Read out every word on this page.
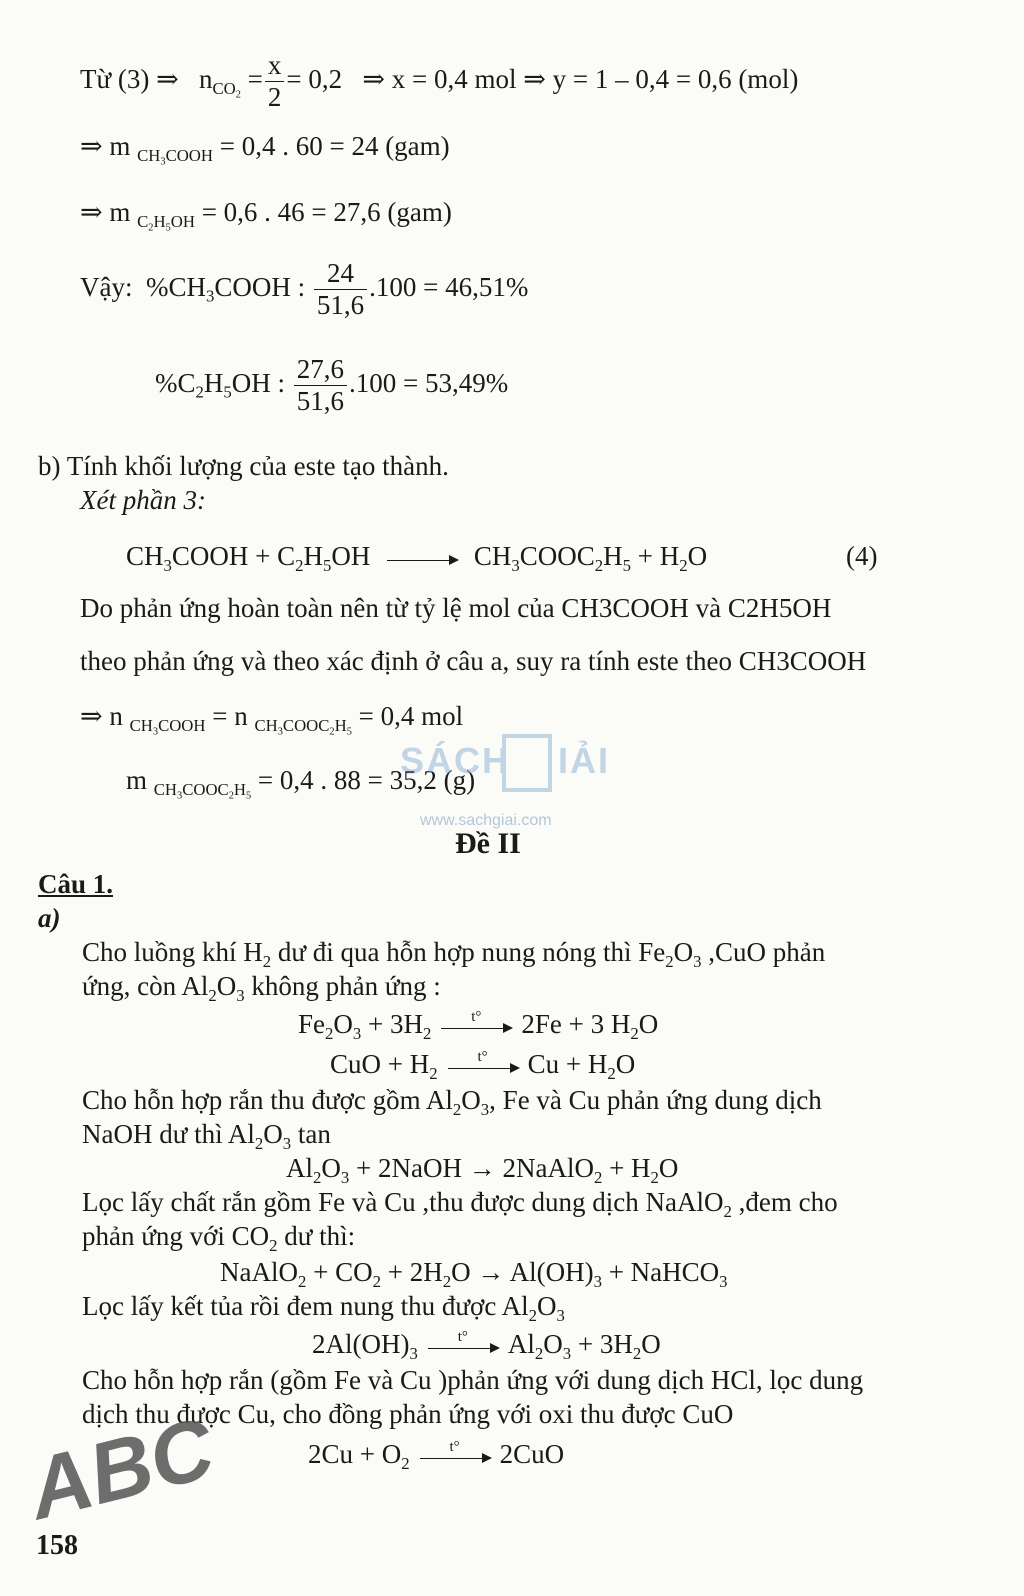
Từ (3) ⇒   $n_{CO_2} = \frac{x}{2} = 0,2$ ⇒ x = 0,4 mol ⇒ y = 1 – 0,4 = 0,6 (mol)
⇒ m $_{CH_3COOH}$ = 0,4 . 60 = 24 (gam)
⇒ m $_{C_2H_5OH}$ = 0,6 . 46 = 27,6 (gam)
Vậy:  $\%CH_3COOH$ : $\frac{24}{51,6} .100 = 46,51\%$
$\%C_2H_5OH$ : $\frac{27,6}{51,6} .100 = 53,49\%$
b) Tính khối lượng của este tạo thành.
Xét phần 3:
$CH_3COOH + C_2H_5OH$	$CH_3COOC_2H_5 + H_2O$	(4)
Do phản ứng hoàn toàn nên từ tỷ lệ mol của CH3COOH và C2H5OH
theo phản ứng và theo xác định ở câu a, suy ra tính este theo CH3COOH
⇒ n $_{CH_3COOH}$ = n $_{CH_3COOC_2H_5}$ = 0,4 mol
m $_{CH_3COOC_2H_5}$ = 0,4 . 88 = 35,2 (g)
SÁCH IẢI
www.sachgiai.com
Đề II
Câu 1.
a)
Cho luồng khí $H_2$ dư đi qua hỗn hợp nung nóng thì $Fe_2O_3$ ,CuO phản
ứng, còn $Al_2O_3$ không phản ứng :
$Fe_2O_3 + 3H_2$
t°	2Fe + 3 $H_2O$
CuO + $H_2$
t°	$Cu + H_2O$
Cho hỗn hợp rắn thu được gồm $Al_2O_3$, Fe và Cu phản ứng dung dịch
NaOH dư thì $Al_2O_3$ tan
$Al_2O_3$ + 2NaOH → 2NaAlO$_2$ + $H_2O$
Lọc lấy chất rắn gồm Fe và Cu ,thu được dung dịch NaAlO$_2$ ,đem cho
phản ứng với $CO_2$ dư thì:
NaAlO$_2$ + $CO_2 + 2H_2O \to Al(OH)_3$ + NaHCO$_3$
Lọc lấy kết tủa rồi đem nung thu được $Al_2O_3$
$2Al(OH)_3$
t°	$Al_2O_3 + 3H_2O$
Cho hỗn hợp rắn (gồm Fe và Cu )phản ứng với dung dịch HCl, lọc dung
dịch thu được Cu, cho đồng phản ứng với oxi thu được CuO
$2Cu + O_2$
t°	2CuO
ABC
158
